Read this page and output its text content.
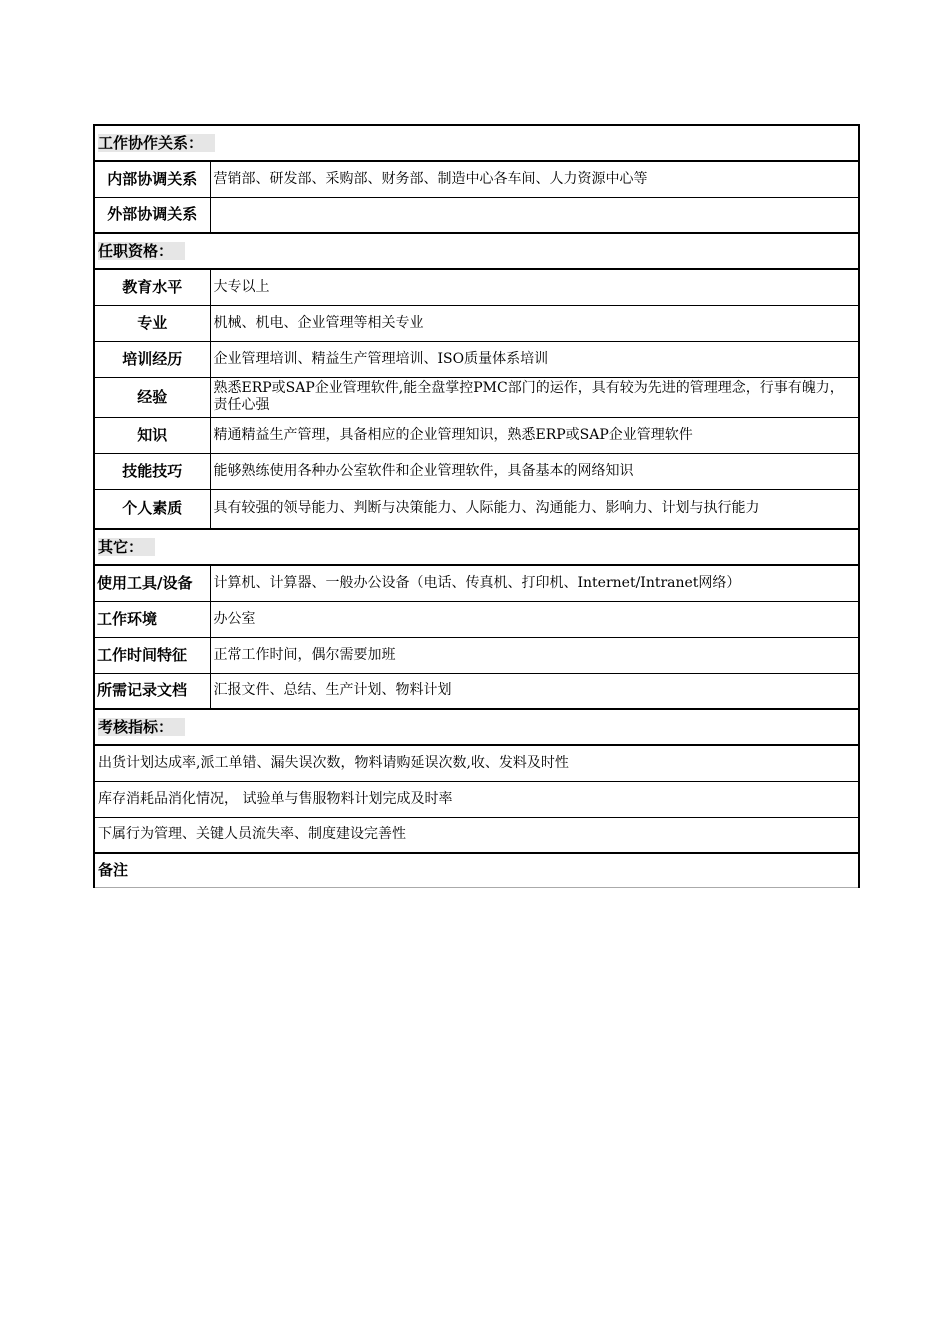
工作协作关系：	
内部协调关系	营销部、研发部、采购部、财务部、制造中心各车间、人力资源中心等
外部协调关系	
任职资格：	
教育水平	大专以上
专业	机械、机电、企业管理等相关专业
培训经历	企业管理培训、精益生产管理培训、ISO质量体系培训
经验	熟悉ERP或SAP企业管理软件,能全盘掌控PMC部门的运作，具有较为先进的管理理念，行事有魄力，责任心强
知识	精通精益生产管理，具备相应的企业管理知识，熟悉ERP或SAP企业管理软件
技能技巧	能够熟练使用各种办公室软件和企业管理软件，具备基本的网络知识
个人素质	具有较强的领导能力、判断与决策能力、人际能力、沟通能力、影响力、计划与执行能力
其它：	
使用工具/设备	计算机、计算器、一般办公设备（电话、传真机、打印机、Internet/Intranet网络）
工作环境	办公室
工作时间特征	正常工作时间，偶尔需要加班
所需记录文档	汇报文件、总结、生产计划、物料计划
考核指标：	
出货计划达成率,派工单错、漏失误次数，物料请购延误次数,收、发料及时性	
库存消耗品消化情况， 试验单与售服物料计划完成及时率	
下属行为管理、关键人员流失率、制度建设完善性	
备注	
